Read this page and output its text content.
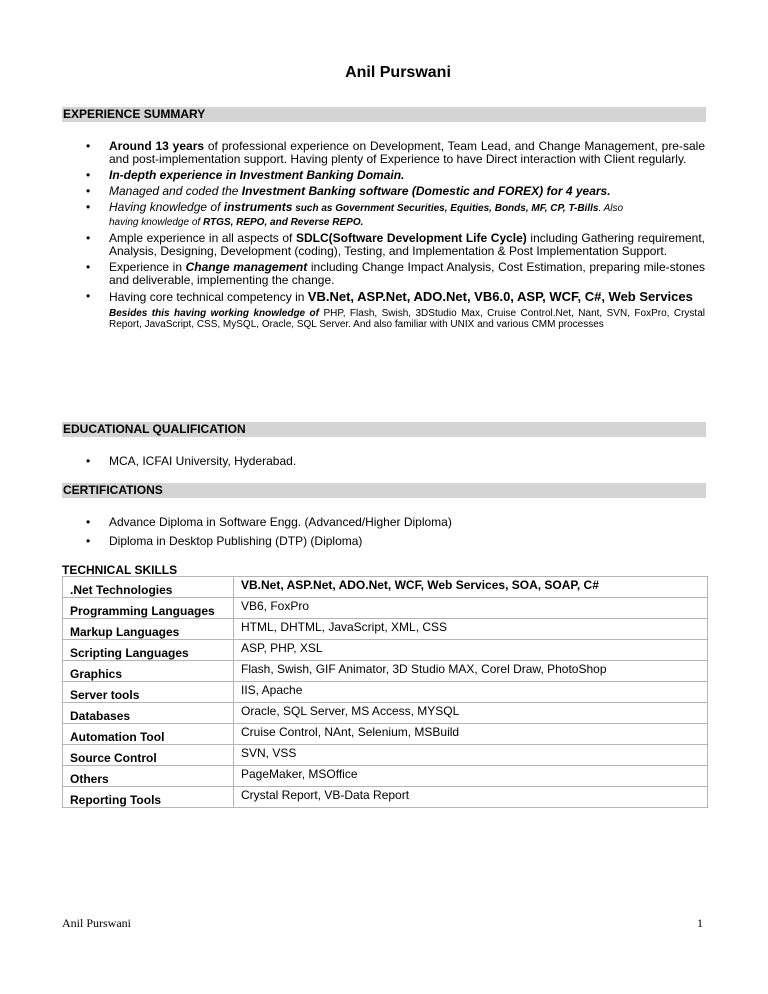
Anil Purswani
EXPERIENCE SUMMARY
• Around 13 years of professional experience on Development, Team Lead, and Change Management, pre-sale and post-implementation support. Having plenty of Experience to have Direct interaction with Client regularly.
• In-depth experience in Investment Banking Domain.
• Managed and coded the Investment Banking software (Domestic and FOREX) for 4 years.
• Having knowledge of instruments such as Government Securities, Equities, Bonds, MF, CP, T-Bills. Also
having knowledge of RTGS, REPO, and Reverse REPO.
• Ample experience in all aspects of SDLC(Software Development Life Cycle) including Gathering requirement, Analysis, Designing, Development (coding), Testing, and Implementation & Post Implementation Support.
• Experience in Change management including Change Impact Analysis, Cost Estimation, preparing mile-stones and deliverable, implementing the change.
• Having core technical competency in VB.Net, ASP.Net, ADO.Net, VB6.0, ASP, WCF, C#, Web Services
Besides this having working knowledge of PHP, Flash, Swish, 3DStudio Max, Cruise Control.Net, Nant, SVN, FoxPro, Crystal Report, JavaScript, CSS, MySQL, Oracle, SQL Server. And also familiar with UNIX and various CMM processes
EDUCATIONAL QUALIFICATION
• MCA, ICFAI University, Hyderabad.
CERTIFICATIONS
• Advance Diploma in Software Engg. (Advanced/Higher Diploma)
• Diploma in Desktop Publishing (DTP) (Diploma)
TECHNICAL SKILLS
.Net Technologies	VB.Net, ASP.Net, ADO.Net, WCF, Web Services, SOA, SOAP, C#
Programming Languages	VB6, FoxPro
Markup Languages	HTML, DHTML, JavaScript, XML, CSS
Scripting Languages	ASP, PHP, XSL
Graphics	Flash, Swish, GIF Animator, 3D Studio MAX, Corel Draw, PhotoShop
Server tools	IIS, Apache
Databases	Oracle, SQL Server, MS Access, MYSQL
Automation Tool	Cruise Control, NAnt, Selenium, MSBuild
Source Control	SVN, VSS
Others	PageMaker, MSOffice
Reporting Tools	Crystal Report, VB-Data Report
Anil Purswani	1
